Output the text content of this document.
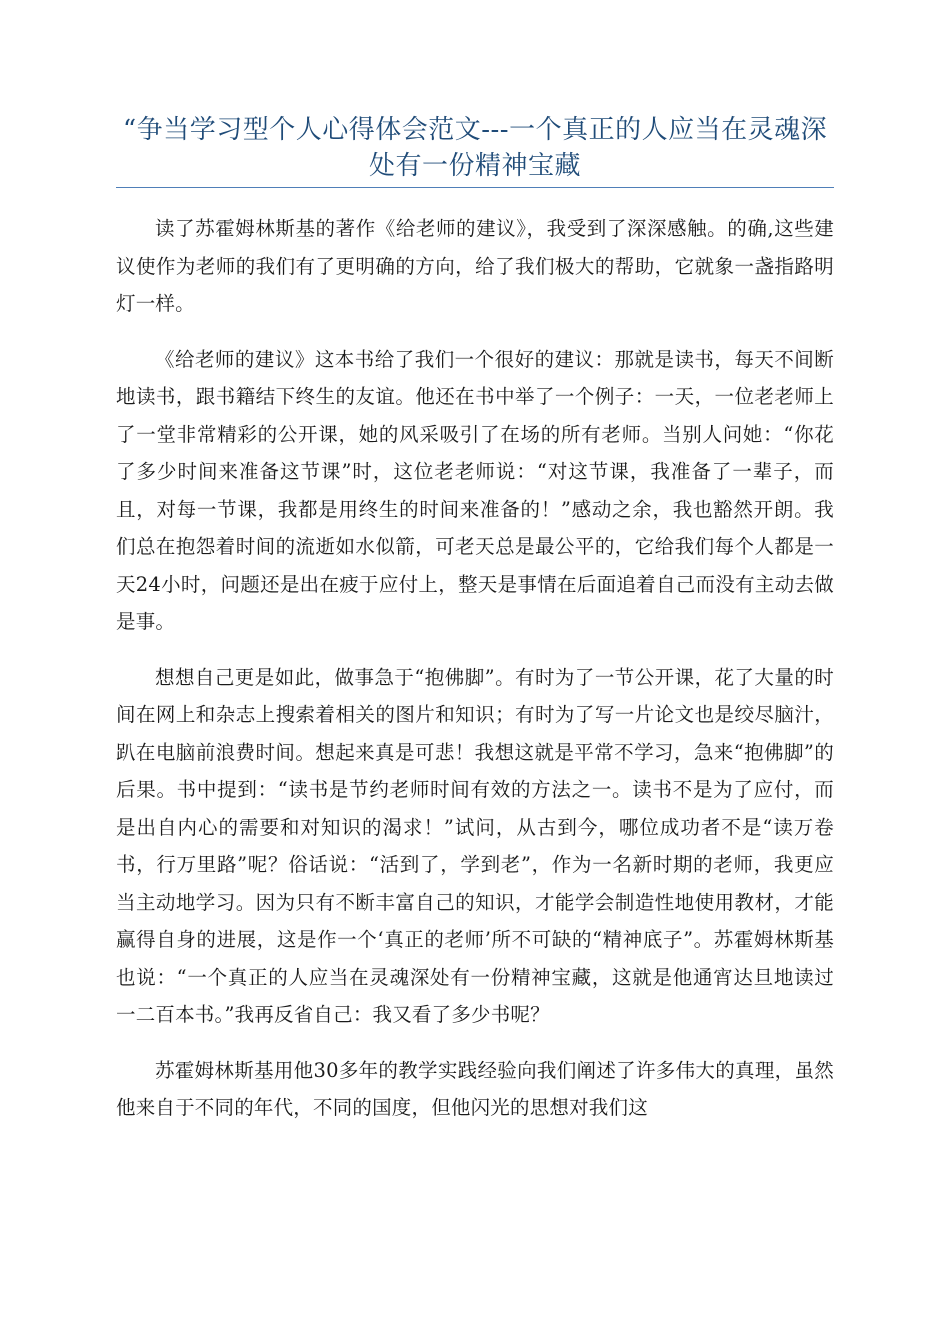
“争当学习型个人心得体会范文---一个真正的人应当在灵魂深处有一份精神宝藏

读了苏霍姆林斯基的著作《给老师的建议》，我受到了深深感触。的确,这些建议使作为老师的我们有了更明确的方向，给了我们极大的帮助，它就象一盏指路明灯一样。

《给老师的建议》这本书给了我们一个很好的建议：那就是读书，每天不间断地读书，跟书籍结下终生的友谊。他还在书中举了一个例子：一天，一位老老师上了一堂非常精彩的公开课，她的风采吸引了在场的所有老师。当别人问她：“你花了多少时间来准备这节课”时，这位老老师说：“对这节课，我准备了一辈子，而且，对每一节课，我都是用终生的时间来准备的！”感动之余，我也豁然开朗。我们总在抱怨着时间的流逝如水似箭，可老天总是最公平的，它给我们每个人都是一天24小时，问题还是出在疲于应付上，整天是事情在后面追着自己而没有主动去做是事。

想想自己更是如此，做事急于“抱佛脚”。有时为了一节公开课，花了大量的时间在网上和杂志上搜索着相关的图片和知识；有时为了写一片论文也是绞尽脑汁，趴在电脑前浪费时间。想起来真是可悲！我想这就是平常不学习，急来“抱佛脚”的后果。书中提到：“读书是节约老师时间有效的方法之一。读书不是为了应付，而是出自内心的需要和对知识的渴求！”试问，从古到今，哪位成功者不是“读万卷书，行万里路”呢？俗话说：“活到了，学到老”，作为一名新时期的老师，我更应当主动地学习。因为只有不断丰富自己的知识，才能学会制造性地使用教材，才能赢得自身的进展，这是作一个‘真正的老师’所不可缺的“精神底子”。苏霍姆林斯基也说：“一个真正的人应当在灵魂深处有一份精神宝藏，这就是他通宵达旦地读过一二百本书。”我再反省自己：我又看了多少书呢？

苏霍姆林斯基用他30多年的教学实践经验向我们阐述了许多伟大的真理，虽然他来自于不同的年代，不同的国度，但他闪光的思想对我们这
